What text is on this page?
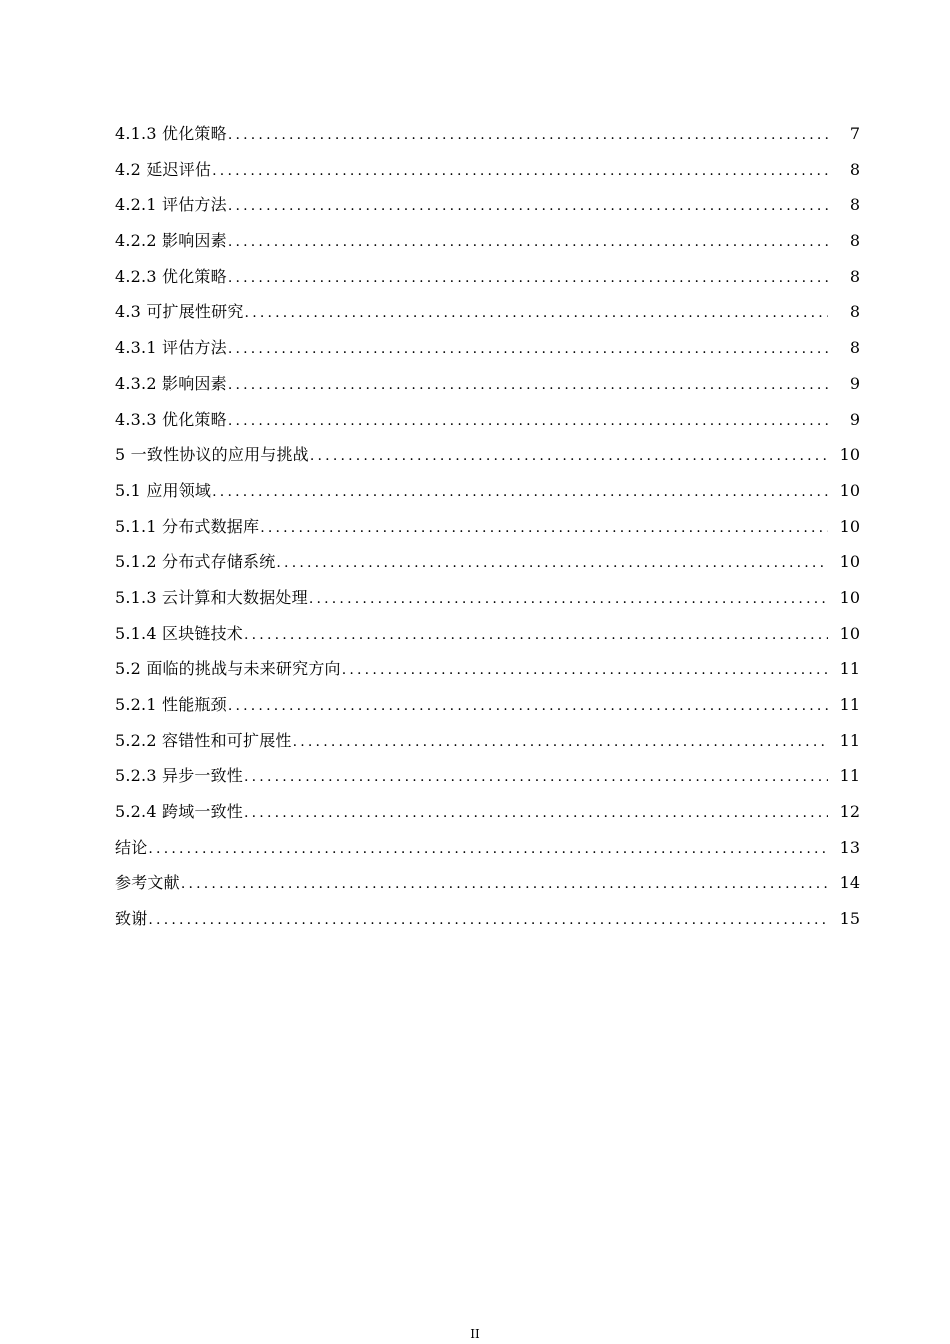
4.1.3 优化策略 .....	7
4.2 延迟评估 .....	8
4.2.1 评估方法 .....	8
4.2.2 影响因素 .....	8
4.2.3 优化策略 .....	8
4.3 可扩展性研究 .....	8
4.3.1 评估方法 .....	8
4.3.2 影响因素 .....	9
4.3.3 优化策略 .....	9
5 一致性协议的应用与挑战 .....	10
5.1 应用领域 .....	10
5.1.1 分布式数据库 .....	10
5.1.2 分布式存储系统 .....	10
5.1.3 云计算和大数据处理 .....	10
5.1.4 区块链技术 .....	10
5.2 面临的挑战与未来研究方向 .....	11
5.2.1 性能瓶颈 .....	11
5.2.2 容错性和可扩展性 .....	11
5.2.3 异步一致性 .....	11
5.2.4 跨域一致性 .....	12
结论 .....	13
参考文献 .....	14
致谢 .....	15
II
